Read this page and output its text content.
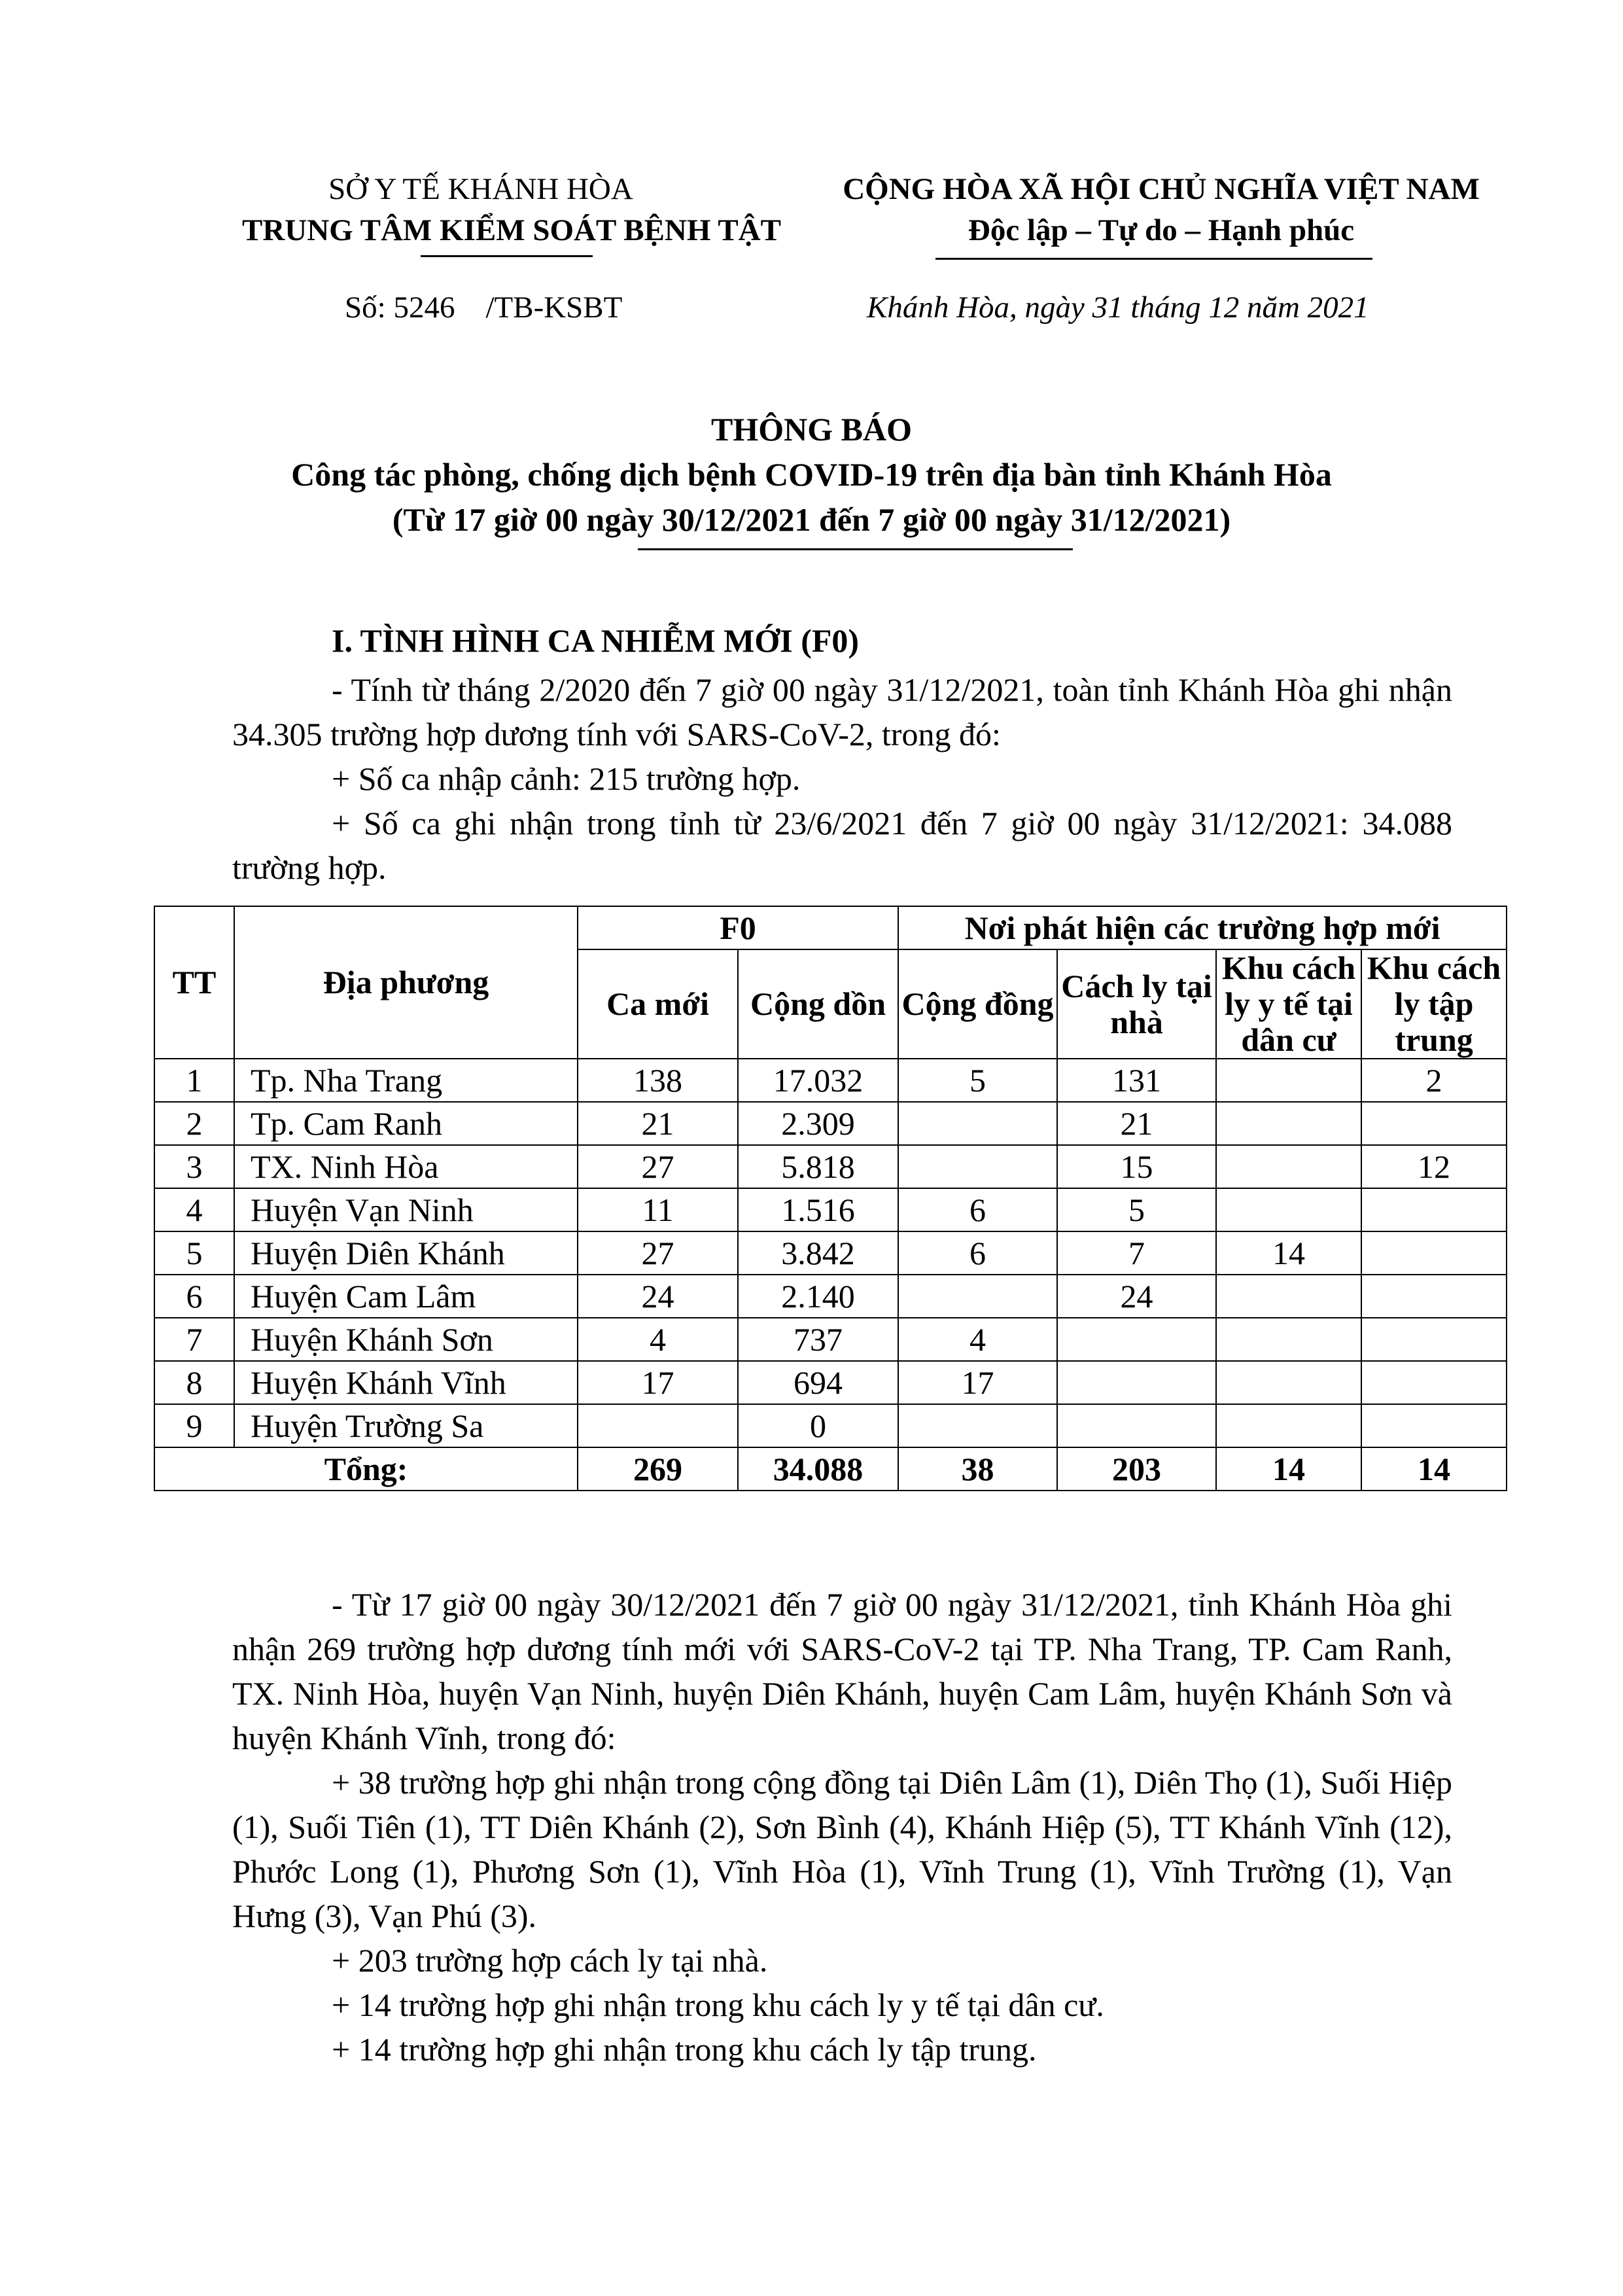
SỞ Y TẾ KHÁNH HÒA
TRUNG TÂM KIỂM SOÁT BỆNH TẬT
CỘNG HÒA XÃ HỘI CHỦ NGHĨA VIỆT NAM
Độc lập – Tự do – Hạnh phúc
Số: 5246    /TB-KSBT	Khánh Hòa, ngày 31 tháng 12 năm 2021
THÔNG BÁO
Công tác phòng, chống dịch bệnh COVID-19 trên địa bàn tỉnh Khánh Hòa
(Từ 17 giờ 00 ngày 30/12/2021 đến 7 giờ 00 ngày 31/12/2021)
I. TÌNH HÌNH CA NHIỄM MỚI (F0)

- Tính từ tháng 2/2020 đến 7 giờ 00 ngày 31/12/2021, toàn tỉnh Khánh Hòa ghi nhận 34.305 trường hợp dương tính với SARS-CoV-2, trong đó:

+ Số ca nhập cảnh: 215 trường hợp.

+ Số ca ghi nhận trong tỉnh từ 23/6/2021 đến 7 giờ 00 ngày 31/12/2021: 34.088 trường hợp.

TT	Địa phương	F0		Nơi phát hiện các trường hợp mới			
		Ca mới	Cộng dồn	Cộng đồng	Cách ly tại nhà	Khu cách ly y tế tại dân cư	Khu cách ly tập trung
1	Tp. Nha Trang	138	17.032	5	131		2
2	Tp. Cam Ranh	21	2.309		21		
3	TX. Ninh Hòa	27	5.818		15		12
4	Huyện Vạn Ninh	11	1.516	6	5		
5	Huyện Diên Khánh	27	3.842	6	7	14	
6	Huyện Cam Lâm	24	2.140		24		
7	Huyện Khánh Sơn	4	737	4			
8	Huyện Khánh Vĩnh	17	694	17			
9	Huyện Trường Sa		0				
Tổng:		269	34.088	38	203	14	14

- Từ 17 giờ 00 ngày 30/12/2021 đến 7 giờ 00 ngày 31/12/2021, tỉnh Khánh Hòa ghi nhận 269 trường hợp dương tính mới với SARS-CoV-2 tại TP. Nha Trang, TP. Cam Ranh, TX. Ninh Hòa, huyện Vạn Ninh, huyện Diên Khánh, huyện Cam Lâm, huyện Khánh Sơn và huyện Khánh Vĩnh, trong đó:

+ 38 trường hợp ghi nhận trong cộng đồng tại Diên Lâm (1), Diên Thọ (1), Suối Hiệp (1), Suối Tiên (1), TT Diên Khánh (2), Sơn Bình (4), Khánh Hiệp (5), TT Khánh Vĩnh (12), Phước Long (1), Phương Sơn (1), Vĩnh Hòa (1), Vĩnh Trung (1), Vĩnh Trường (1), Vạn Hưng (3), Vạn Phú (3).

+ 203 trường hợp cách ly tại nhà.

+ 14 trường hợp ghi nhận trong khu cách ly y tế tại dân cư.

+ 14 trường hợp ghi nhận trong khu cách ly tập trung.
